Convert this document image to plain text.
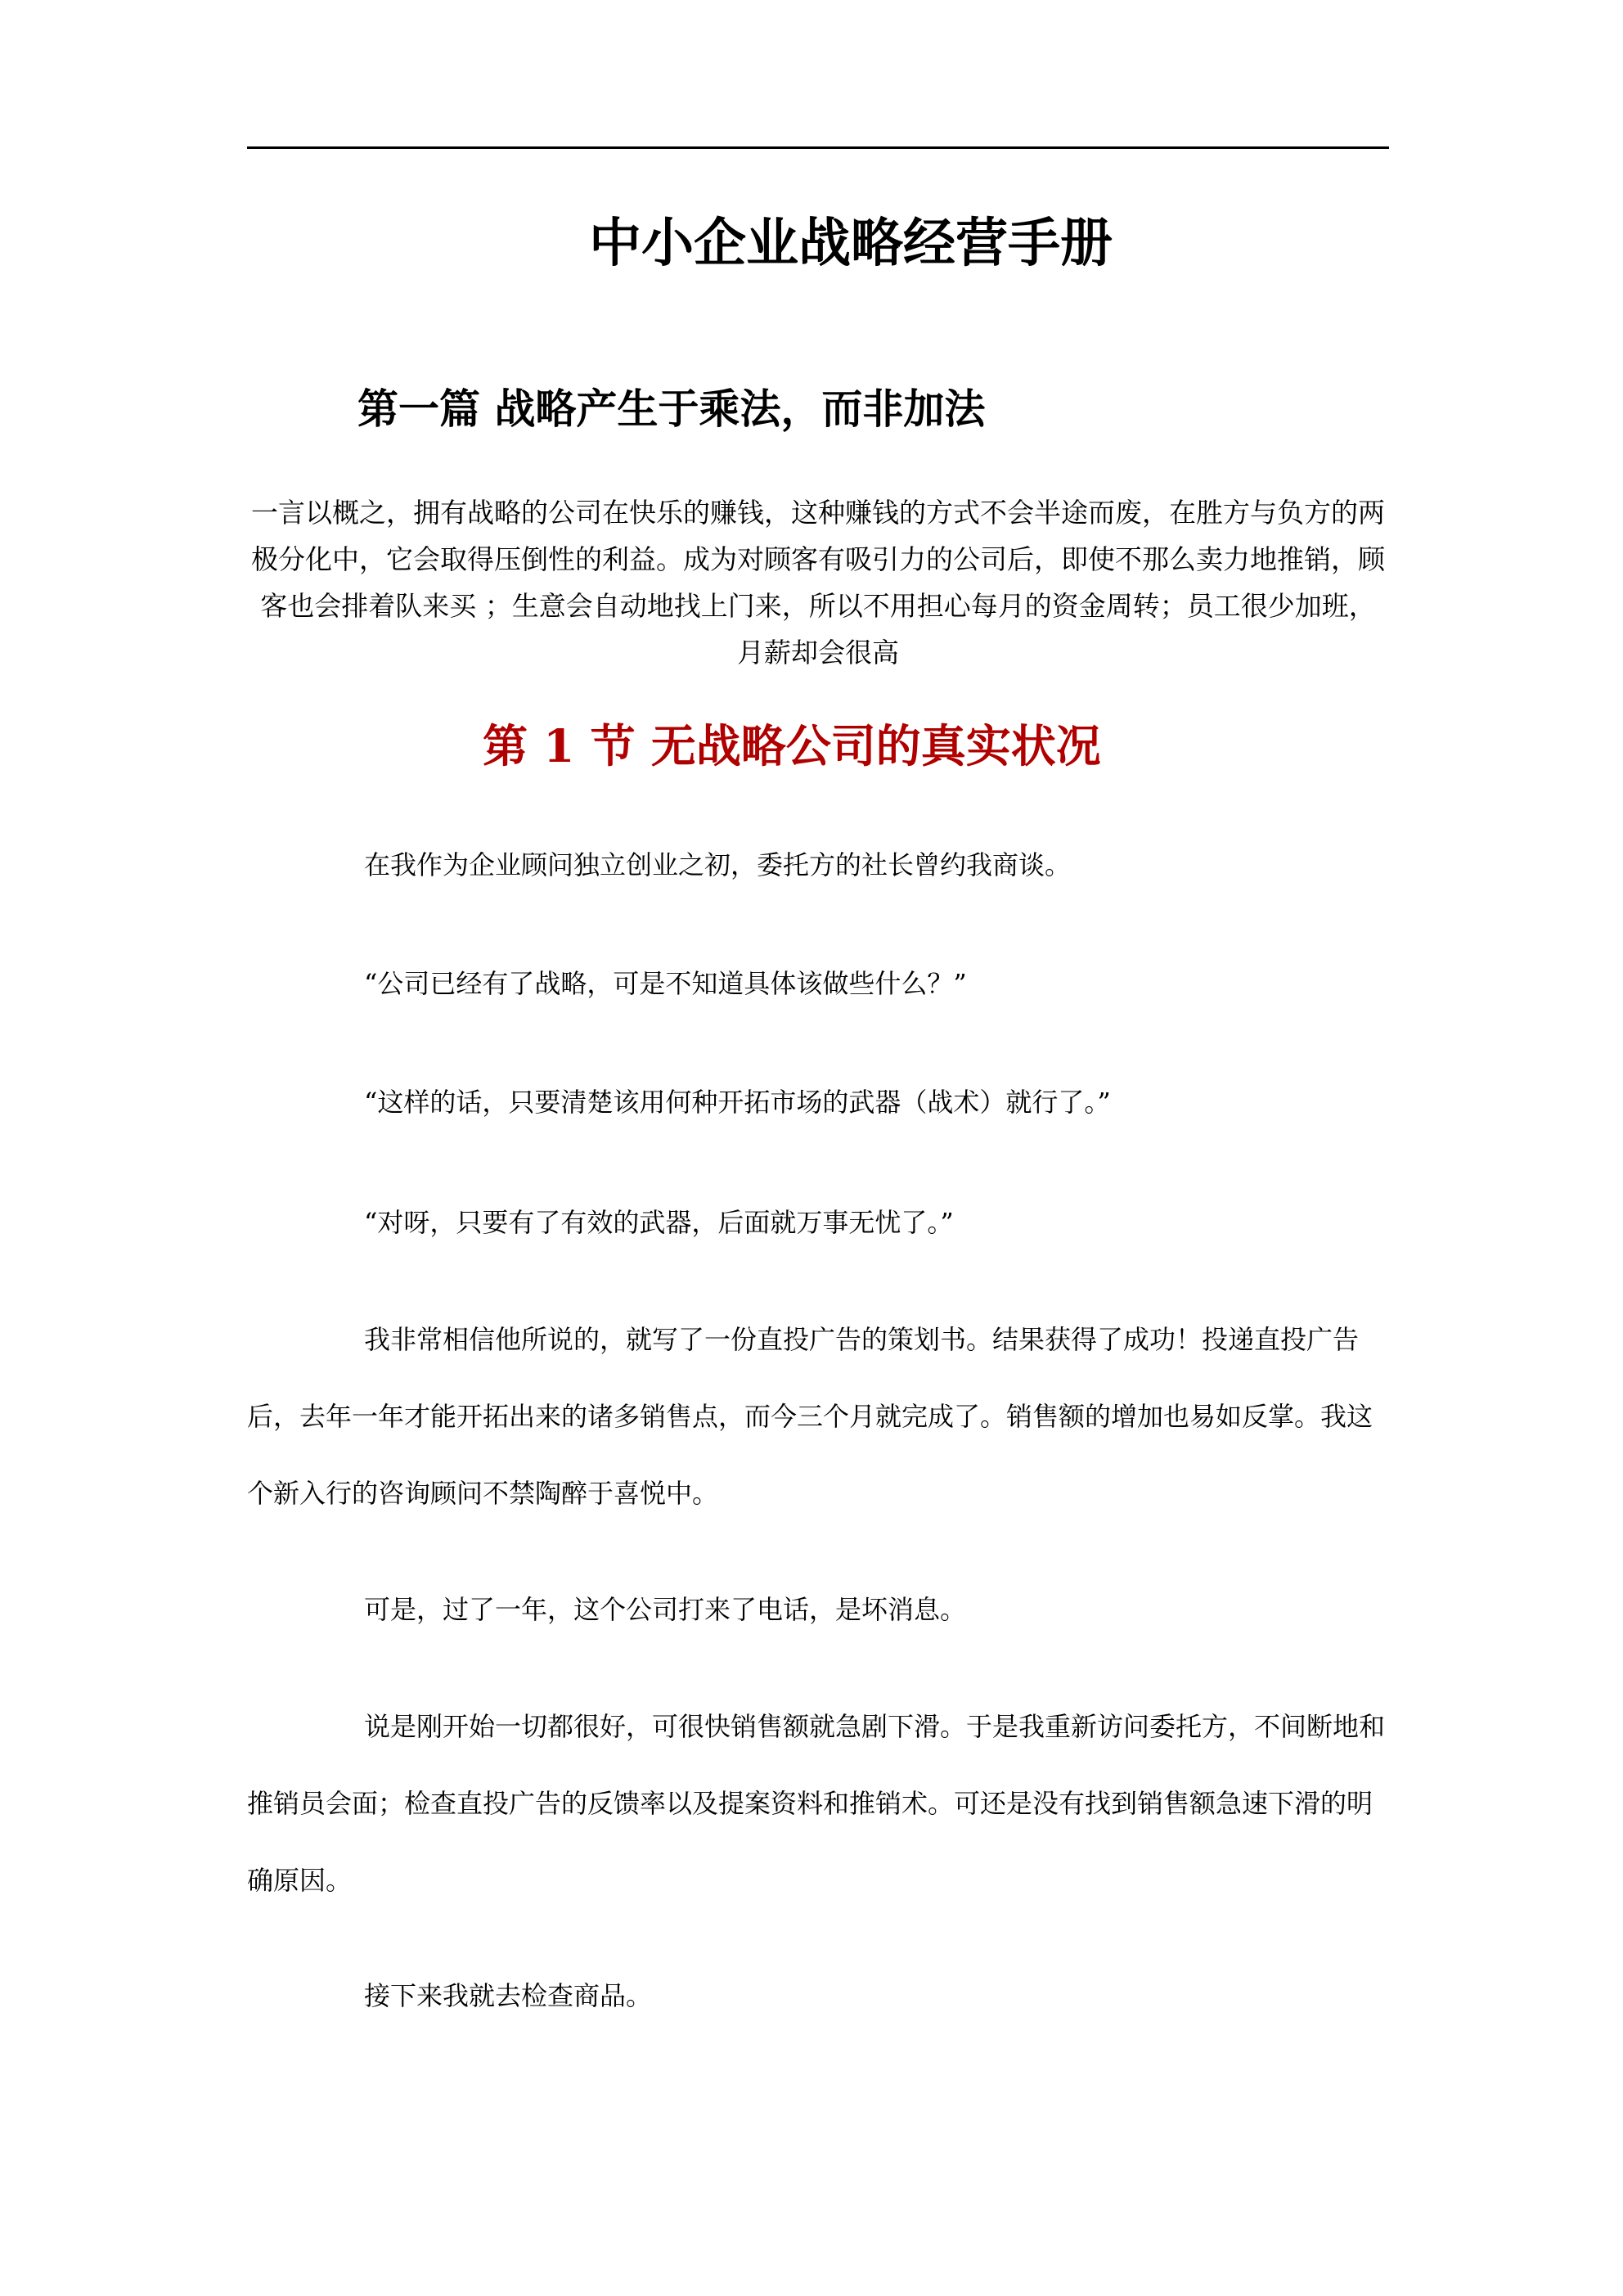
中小企业战略经营手册
第一篇 战略产生于乘法，而非加法

一言以概之，拥有战略的公司在快乐的赚钱，这种赚钱的方式不会半途而废，在胜方与负方的两极分化中，它会取得压倒性的利益。成为对顾客有吸引力的公司后，即使不那么卖力地推销，顾客也会排着队来买 ；生意会自动地找上门来，所以不用担心每月的资金周转；员工很少加班，月薪却会很高

第 1 节 无战略公司的真实状况

在我作为企业顾问独立创业之初，委托方的社长曾约我商谈。

“公司已经有了战略，可是不知道具体该做些什么？”

“这样的话，只要清楚该用何种开拓市场的武器（战术）就行了。”

“对呀，只要有了有效的武器，后面就万事无忧了。”

我非常相信他所说的，就写了一份直投广告的策划书。结果获得了成功！投递直投广告后，去年一年才能开拓出来的诸多销售点，而今三个月就完成了。销售额的增加也易如反掌。我这个新入行的咨询顾问不禁陶醉于喜悦中。

可是，过了一年，这个公司打来了电话，是坏消息。

说是刚开始一切都很好，可很快销售额就急剧下滑。于是我重新访问委托方，不间断地和推销员会面；检查直投广告的反馈率以及提案资料和推销术。可还是没有找到销售额急速下滑的明确原因。

接下来我就去检查商品。
